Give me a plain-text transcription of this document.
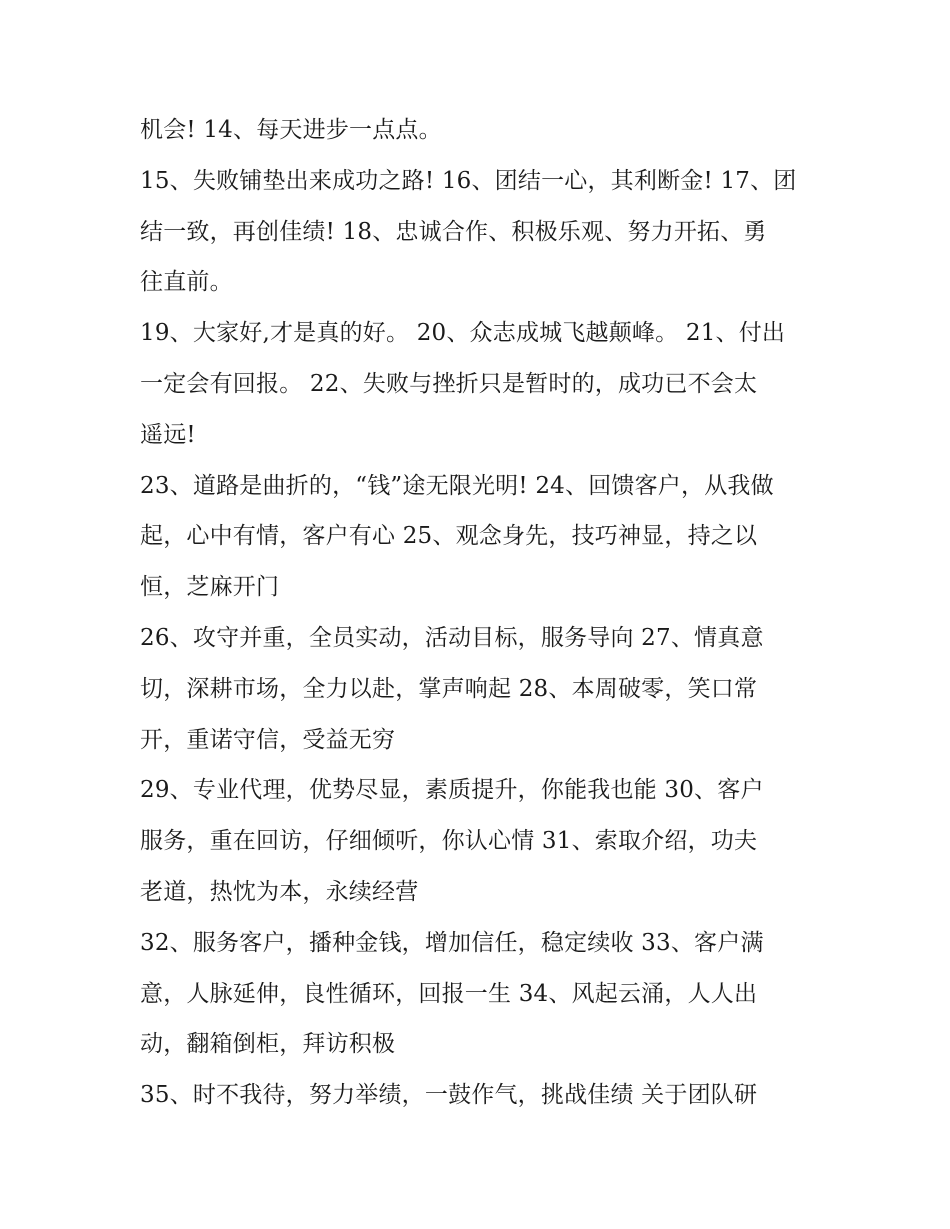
机会! 14、每天进步一点点。
15、失败铺垫出来成功之路! 16、团结一心，其利断金! 17、团
结一致，再创佳绩! 18、忠诚合作、积极乐观、努力开拓、勇
往直前。
19、大家好,才是真的好。 20、众志成城飞越颠峰。 21、付出
一定会有回报。 22、失败与挫折只是暂时的，成功已不会太
遥远!
23、道路是曲折的，“钱”途无限光明! 24、回馈客户，从我做
起，心中有情，客户有心 25、观念身先，技巧神显，持之以
恒，芝麻开门
26、攻守并重，全员实动，活动目标，服务导向 27、情真意
切，深耕市场，全力以赴，掌声响起 28、本周破零，笑口常
开，重诺守信，受益无穷
29、专业代理，优势尽显，素质提升，你能我也能 30、客户
服务，重在回访，仔细倾听，你认心情 31、索取介绍，功夫
老道，热忱为本，永续经营
32、服务客户，播种金钱，增加信任，稳定续收 33、客户满
意，人脉延伸，良性循环，回报一生 34、风起云涌，人人出
动，翻箱倒柜，拜访积极
35、时不我待，努力举绩，一鼓作气，挑战佳绩 关于团队研
